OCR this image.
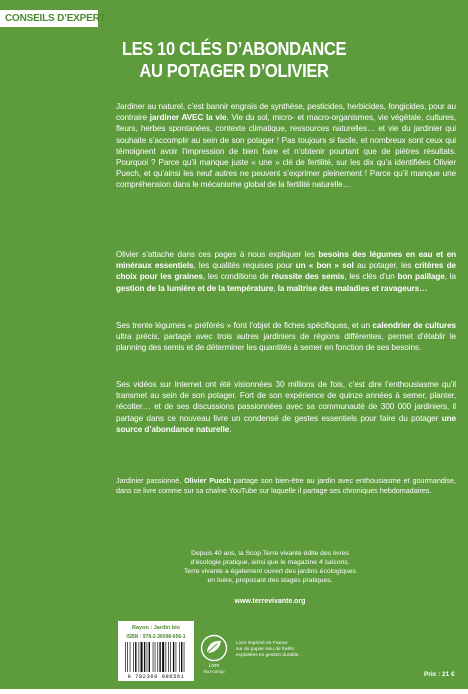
CONSEILS D’EXPERT
LES 10 CLÉS D’ABONDANCE
AU POTAGER D’OLIVIER

Jardiner au naturel, c’est bannir engrais de synthèse, pesticides, herbicides, fongicides, pour au contraire jardiner AVEC la vie. Vie du sol, micro- et macro-organismes, vie végétale, cultures, fleurs, herbes spontanées, contexte climatique, ressources naturelles… et vie du jardinier qui souhaite s’accomplir au sein de son potager ! Pas toujours si facile, et nombreux sont ceux qui témoignent avoir l’impression de bien faire et n’obtenir pourtant que de piètres résultats. Pourquoi ? Parce qu’il manque juste « une » clé de fertilité, sur les dix qu’a identifiées Olivier Puech, et qu’ainsi les neuf autres ne peuvent s’exprimer pleinement ! Parce qu’il manque une compréhension dans le mécanisme global de la fertilité naturelle…

Olivier s’attache dans ces pages à nous expliquer les besoins des légumes en eau et en minéraux essentiels, les qualités requises pour un « bon » sol au potager, les critères de choix pour les graines, les conditions de réussite des semis, les clés d’un bon paillage, la gestion de la lumière et de la température, la maîtrise des maladies et ravageurs…

Ses trente légumes « préférés » font l’objet de fiches spécifiques, et un calendrier de cultures ultra précis, partagé avec trois autres jardiniers de régions différentes, permet d’établir le planning des semis et de déterminer les quantités à semer en fonction de ses besoins.

Ses vidéos sur Internet ont été visionnées 30 millions de fois, c’est dire l’enthousiasme qu’il transmet au sein de son potager. Fort de son expérience de quinze années à semer, planter, récolter… et de ses discussions passionnées avec sa communauté de 300 000 jardiniers, il partage dans ce nouveau livre un condensé de gestes essentiels pour faire du potager une source d’abondance naturelle.

Jardinier passionné, Olivier Puech partage son bien-être au jardin avec enthousiasme et gourmandise, dans ce livre comme sur sa chaîne YouTube sur laquelle il partage ses chroniques hebdomadaires.

Depuis 40 ans, la Scop Terre vivante édite des livres
d’écologie pratique, ainsi que le magazine 4 saisons.
Terre vivante a également ouvert des jardins écologiques
en Isère, proposant des stages pratiques.
www.terrevivante.org
Rayon : Jardin bio
ISBN : 978-2-36098-656-1
9 782360 986561
Livre
éco-conçu
Livre imprimé en France
sur du papier issu de forêts
exploitées en gestion durable.
Prix : 21 €
